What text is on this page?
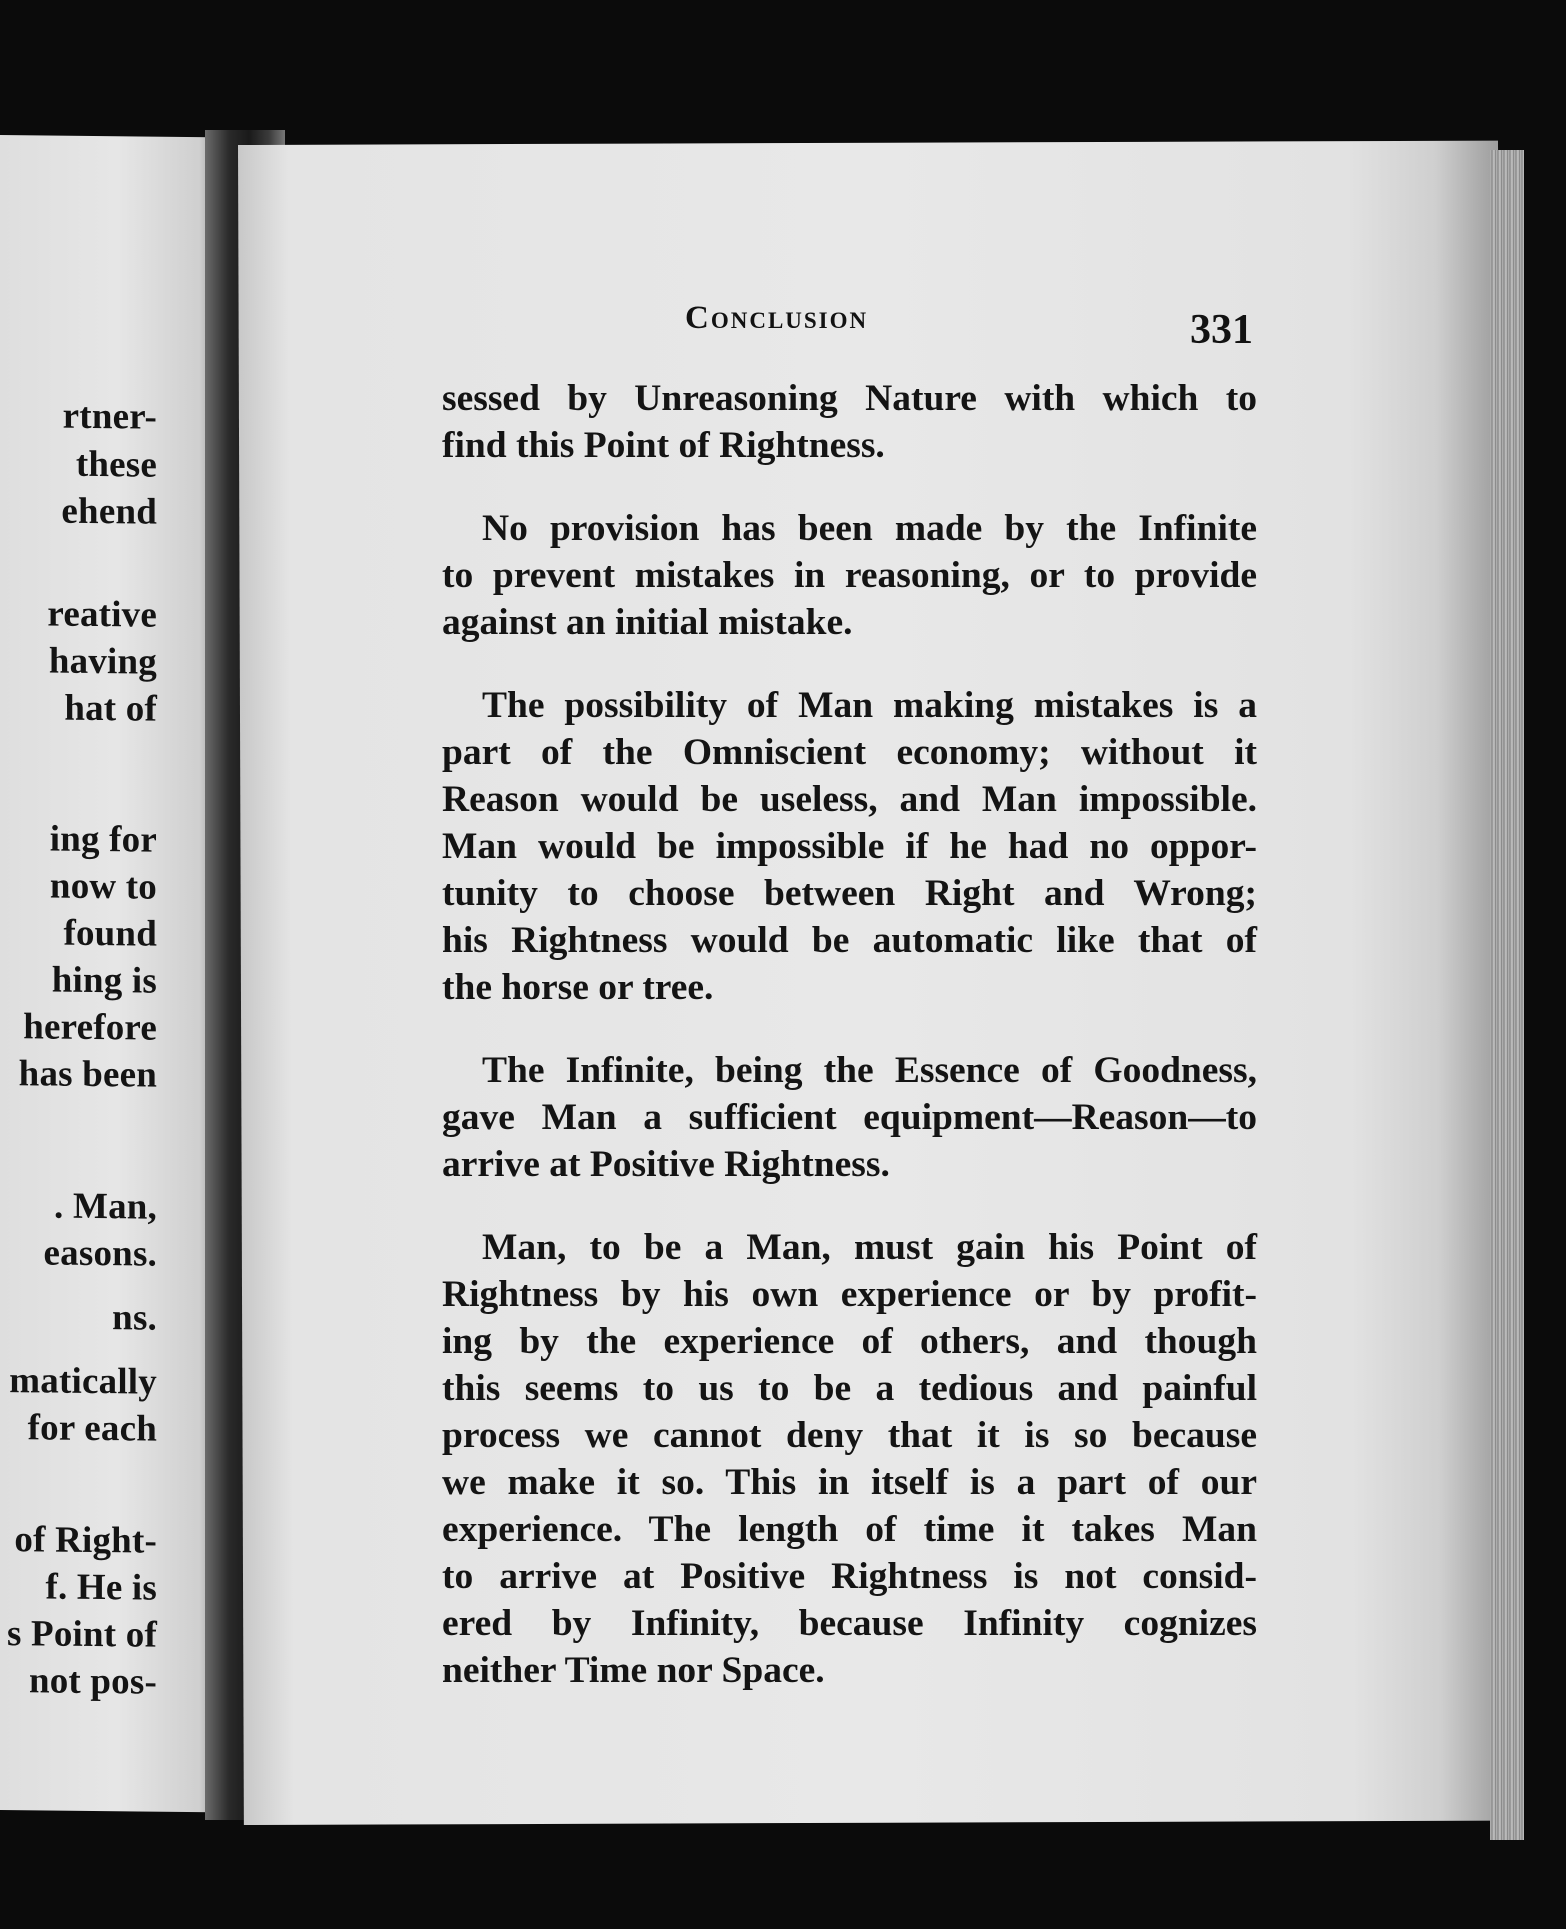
rtner-
these
ehend
reative
having
hat of
ing for
now to
found
hing is
herefore
has been
. Man,
easons.
ns.
matically
for each
of Right-
f. He is
s Point of
not pos-
Conclusion	331
sessed by Unreasoning Nature with which to
find this Point of Rightness.
No provision has been made by the Infinite
to prevent mistakes in reasoning, or to provide
against an initial mistake.
The possibility of Man making mistakes is a
part of the Omniscient economy; without it
Reason would be useless, and Man impossible.
Man would be impossible if he had no oppor-
tunity to choose between Right and Wrong;
his Rightness would be automatic like that of
the horse or tree.
The Infinite, being the Essence of Goodness,
gave Man a sufficient equipment—Reason—to
arrive at Positive Rightness.
Man, to be a Man, must gain his Point of
Rightness by his own experience or by profit-
ing by the experience of others, and though
this seems to us to be a tedious and painful
process we cannot deny that it is so because
we make it so. This in itself is a part of our
experience. The length of time it takes Man
to arrive at Positive Rightness is not consid-
ered by Infinity, because Infinity cognizes
neither Time nor Space.
